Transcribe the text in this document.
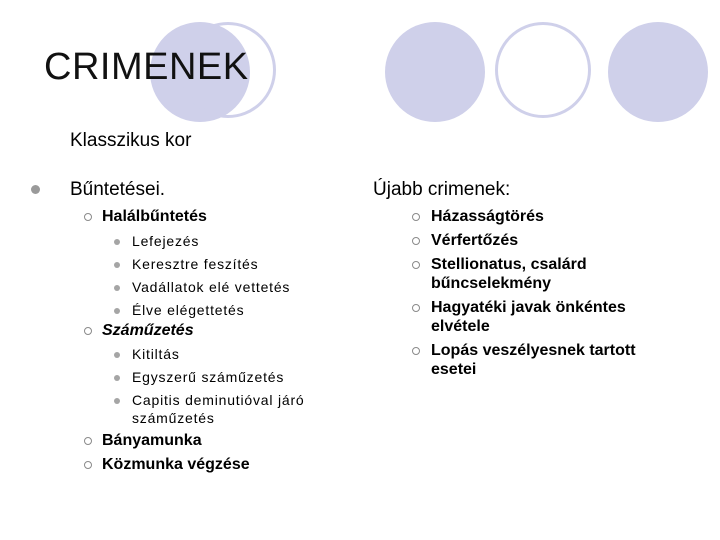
CRIMENEK
Klasszikus kor
Bűntetései.
Halálbűntetés
Lefejezés
Keresztre feszítés
Vadállatok elé vettetés
Élve elégettetés
Száműzetés
Kitiltás
Egyszerű száműzetés
Capitis deminutióval járó
száműzetés
Bányamunka
Közmunka végzése
Újabb crimenek:
Házasságtörés
Vérfertőzés
Stellionatus, csalárd
bűncselekmény
Hagyatéki javak önkéntes
elvétele
Lopás veszélyesnek tartott
esetei
